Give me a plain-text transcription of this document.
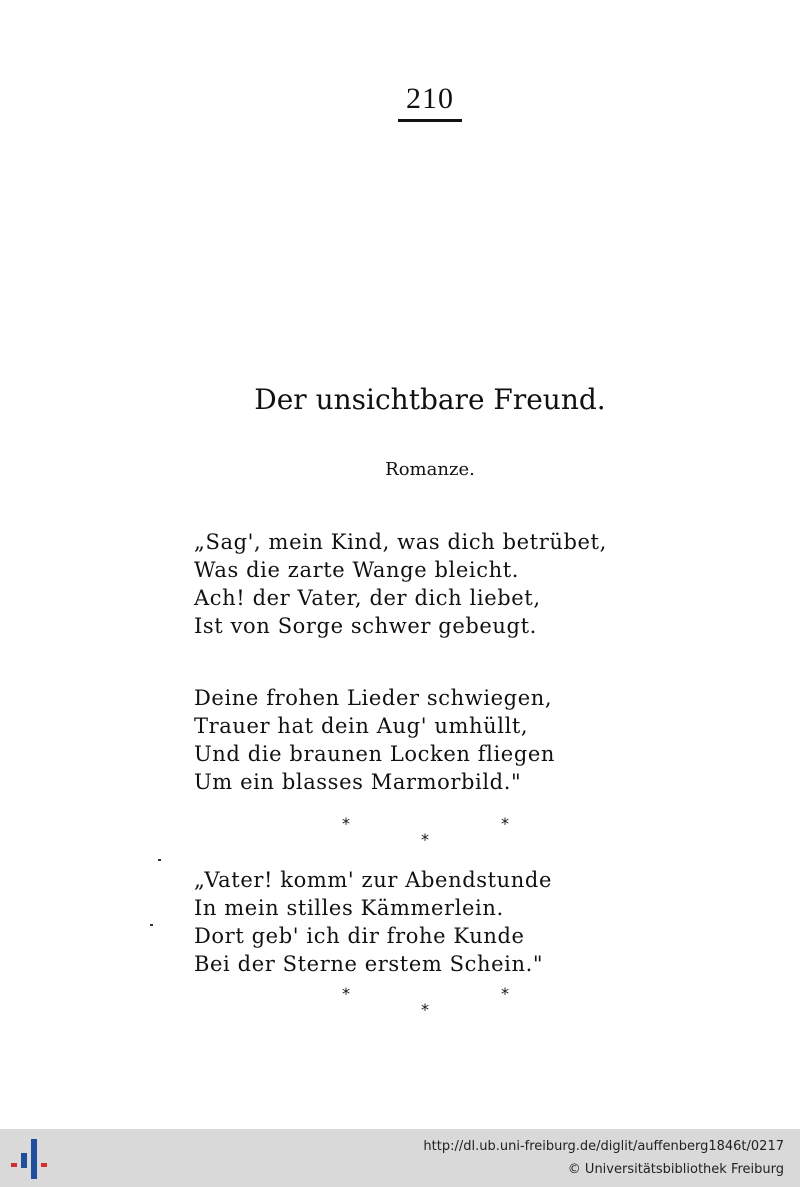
210
Der unsichtbare Freund.
Romanze.
„Sag', mein Kind, was dich betrübet,
Was die zarte Wange bleicht.
Ach! der Vater, der dich liebet,
Ist von Sorge schwer gebeugt.
Deine frohen Lieder schwiegen,
Trauer hat dein Aug' umhüllt,
Und die braunen Locken fliegen
Um ein blasses Marmorbild."
*
*
*
„Vater! komm' zur Abendstunde
In mein stilles Kämmerlein.
Dort geb' ich dir frohe Kunde
Bei der Sterne erstem Schein."
*
*
*
http://dl.ub.uni-freiburg.de/diglit/auffenberg1846t/0217
© Universitätsbibliothek Freiburg
